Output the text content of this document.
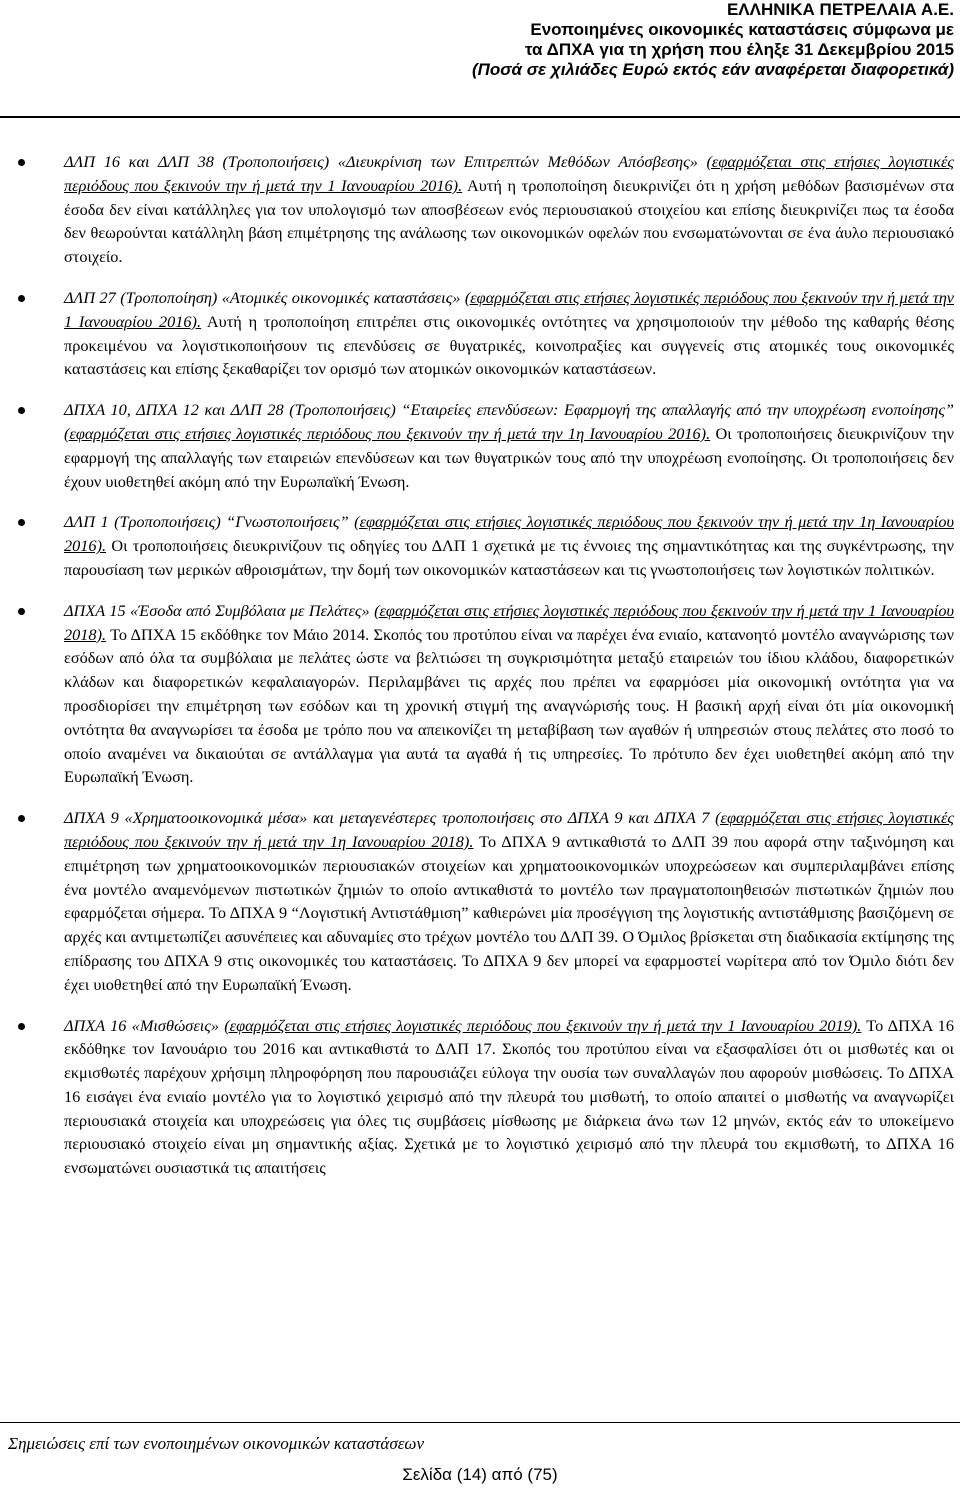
ΕΛΛΗΝΙΚΑ ΠΕΤΡΕΛΑΙΑ Α.Ε.
Ενοποιημένες οικονομικές καταστάσεις σύμφωνα με
τα ΔΠΧΑ για τη χρήση που έληξε 31 Δεκεμβρίου 2015
(Ποσά σε χιλιάδες Ευρώ εκτός εάν αναφέρεται διαφορετικά)

ΔΛΠ 16 και ΔΛΠ 38 (Τροποποιήσεις) «Διευκρίνιση των Επιτρεπτών Μεθόδων Απόσβεσης» (εφαρμόζεται στις ετήσιες λογιστικές περιόδους που ξεκινούν την ή μετά την 1 Ιανουαρίου 2016). Αυτή η τροποποίηση διευκρινίζει ότι η χρήση μεθόδων βασισμένων στα έσοδα δεν είναι κατάλληλες για τον υπολογισμό των αποσβέσεων ενός περιουσιακού στοιχείου και επίσης διευκρινίζει πως τα έσοδα δεν θεωρούνται κατάλληλη βάση επιμέτρησης της ανάλωσης των οικονομικών οφελών που ενσωματώνονται σε ένα άυλο περιουσιακό στοιχείο.

ΔΛΠ 27 (Τροποποίηση) «Ατομικές οικονομικές καταστάσεις» (εφαρμόζεται στις ετήσιες λογιστικές περιόδους που ξεκινούν την ή μετά την 1 Ιανουαρίου 2016). Αυτή η τροποποίηση επιτρέπει στις οικονομικές οντότητες να χρησιμοποιούν την μέθοδο της καθαρής θέσης προκειμένου να λογιστικοποιήσουν τις επενδύσεις σε θυγατρικές, κοινοπραξίες και συγγενείς στις ατομικές τους οικονομικές καταστάσεις και επίσης ξεκαθαρίζει τον ορισμό των ατομικών οικονομικών καταστάσεων.

ΔΠΧΑ 10, ΔΠΧΑ 12 και ΔΛΠ 28 (Τροποποιήσεις) “Εταιρείες επενδύσεων: Εφαρμογή της απαλλαγής από την υποχρέωση ενοποίησης” (εφαρμόζεται στις ετήσιες λογιστικές περιόδους που ξεκινούν την ή μετά την 1η Ιανουαρίου 2016). Οι τροποποιήσεις διευκρινίζουν την εφαρμογή της απαλλαγής των εταιρειών επενδύσεων και των θυγατρικών τους από την υποχρέωση ενοποίησης. Οι τροποποιήσεις δεν έχουν υιοθετηθεί ακόμη από την Ευρωπαϊκή Ένωση.

ΔΛΠ 1 (Τροποποιήσεις) “Γνωστοποιήσεις” (εφαρμόζεται στις ετήσιες λογιστικές περιόδους που ξεκινούν την ή μετά την 1η Ιανουαρίου 2016). Οι τροποποιήσεις διευκρινίζουν τις οδηγίες του ΔΛΠ 1 σχετικά με τις έννοιες της σημαντικότητας και της συγκέντρωσης, την παρουσίαση των μερικών αθροισμάτων, την δομή των οικονομικών καταστάσεων και τις γνωστοποιήσεις των λογιστικών πολιτικών.

ΔΠΧΑ 15 «Έσοδα από Συμβόλαια με Πελάτες» (εφαρμόζεται στις ετήσιες λογιστικές περιόδους που ξεκινούν την ή μετά την 1 Ιανουαρίου 2018). Το ΔΠΧΑ 15 εκδόθηκε τον Μάιο 2014. Σκοπός του προτύπου είναι να παρέχει ένα ενιαίο, κατανοητό μοντέλο αναγνώρισης των εσόδων από όλα τα συμβόλαια με πελάτες ώστε να βελτιώσει τη συγκρισιμότητα μεταξύ εταιρειών του ίδιου κλάδου, διαφορετικών κλάδων και διαφορετικών κεφαλαιαγορών. Περιλαμβάνει τις αρχές που πρέπει να εφαρμόσει μία οικονομική οντότητα για να προσδιορίσει την επιμέτρηση των εσόδων και τη χρονική στιγμή της αναγνώρισής τους. Η βασική αρχή είναι ότι μία οικονομική οντότητα θα αναγνωρίσει τα έσοδα με τρόπο που να απεικονίζει τη μεταβίβαση των αγαθών ή υπηρεσιών στους πελάτες στο ποσό το οποίο αναμένει να δικαιούται σε αντάλλαγμα για αυτά τα αγαθά ή τις υπηρεσίες. Το πρότυπο δεν έχει υιοθετηθεί ακόμη από την Ευρωπαϊκή Ένωση.

ΔΠΧΑ 9 «Χρηματοοικονομικά μέσα» και μεταγενέστερες τροποποιήσεις στο ΔΠΧΑ 9 και ΔΠΧΑ 7 (εφαρμόζεται στις ετήσιες λογιστικές περιόδους που ξεκινούν την ή μετά την 1η Ιανουαρίου 2018). Το ΔΠΧΑ 9 αντικαθιστά το ΔΛΠ 39 που αφορά στην ταξινόμηση και επιμέτρηση των χρηματοοικονομικών περιουσιακών στοιχείων και χρηματοοικονομικών υποχρεώσεων και συμπεριλαμβάνει επίσης ένα μοντέλο αναμενόμενων πιστωτικών ζημιών το οποίο αντικαθιστά το μοντέλο των πραγματοποιηθεισών πιστωτικών ζημιών που εφαρμόζεται σήμερα. Το ΔΠΧΑ 9 “Λογιστική Αντιστάθμιση” καθιερώνει μία προσέγγιση της λογιστικής αντιστάθμισης βασιζόμενη σε αρχές και αντιμετωπίζει ασυνέπειες και αδυναμίες στο τρέχων μοντέλο του ΔΛΠ 39. Ο Όμιλος βρίσκεται στη διαδικασία εκτίμησης της επίδρασης του ΔΠΧΑ 9 στις οικονομικές του καταστάσεις. Το ΔΠΧΑ 9 δεν μπορεί να εφαρμοστεί νωρίτερα από τον Όμιλο διότι δεν έχει υιοθετηθεί από την Ευρωπαϊκή Ένωση.

ΔΠΧΑ 16 «Μισθώσεις» (εφαρμόζεται στις ετήσιες λογιστικές περιόδους που ξεκινούν την ή μετά την 1 Ιανουαρίου 2019). Το ΔΠΧΑ 16 εκδόθηκε τον Ιανουάριο του 2016 και αντικαθιστά το ΔΛΠ 17. Σκοπός του προτύπου είναι να εξασφαλίσει ότι οι μισθωτές και οι εκμισθωτές παρέχουν χρήσιμη πληροφόρηση που παρουσιάζει εύλογα την ουσία των συναλλαγών που αφορούν μισθώσεις. Το ΔΠΧΑ 16 εισάγει ένα ενιαίο μοντέλο για το λογιστικό χειρισμό από την πλευρά του μισθωτή, το οποίο απαιτεί ο μισθωτής να αναγνωρίζει περιουσιακά στοιχεία και υποχρεώσεις για όλες τις συμβάσεις μίσθωσης με διάρκεια άνω των 12 μηνών, εκτός εάν το υποκείμενο περιουσιακό στοιχείο είναι μη σημαντικής αξίας. Σχετικά με το λογιστικό χειρισμό από την πλευρά του εκμισθωτή, το ΔΠΧΑ 16 ενσωματώνει ουσιαστικά τις απαιτήσεις

Σημειώσεις επί των ενοποιημένων οικονομικών καταστάσεων
Σελίδα (14) από (75)
